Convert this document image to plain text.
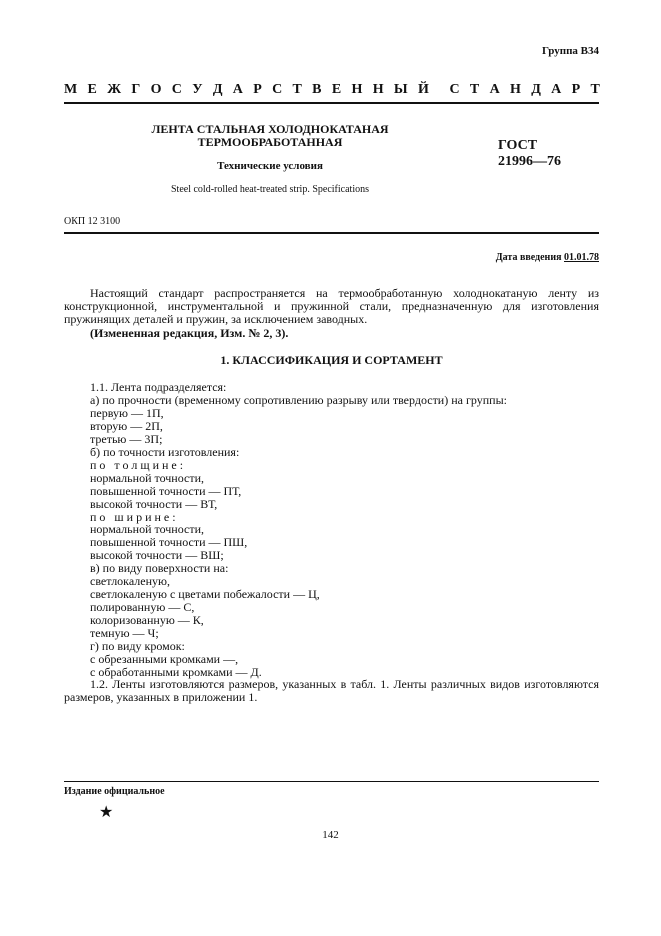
Группа В34
М Е Ж Г О С У Д А Р С Т В Е Н Н Ы Й С Т А Н Д А Р Т
ЛЕНТА СТАЛЬНАЯ ХОЛОДНОКАТАНАЯ
ТЕРМООБРАБОТАННАЯ
Технические условия
Steel cold-rolled heat-treated strip. Specifications
ГОСТ
21996—76
ОКП 12 3100
Дата введения 01.01.78
Настоящий стандарт распространяется на термообработанную холоднокатаную ленту из конструкционной, инструментальной и пружинной стали, предназначенную для изготовления пружинящих деталей и пружин, за исключением заводных.
(Измененная редакция, Изм. № 2, 3).
1. КЛАССИФИКАЦИЯ И СОРТАМЕНТ
1.1. Лента подразделяется:
а) по прочности (временному сопротивлению разрыву или твердости) на группы:
первую — 1П,
вторую — 2П,
третью — 3П;
б) по точности изготовления:
по толщине:
нормальной точности,
повышенной точности — ПТ,
высокой точности — ВТ,
по ширине:
нормальной точности,
повышенной точности — ПШ,
высокой точности — ВШ;
в) по виду поверхности на:
светлокаленую,
светлокаленую с цветами побежалости — Ц,
полированную — С,
колоризованную — К,
темную — Ч;
г) по виду кромок:
с обрезанными кромками —,
с обработанными кромками — Д.
1.2. Ленты изготовляются размеров, указанных в табл. 1. Ленты различных видов изготовляются размеров, указанных в приложении 1.
Издание официальное
★
142
